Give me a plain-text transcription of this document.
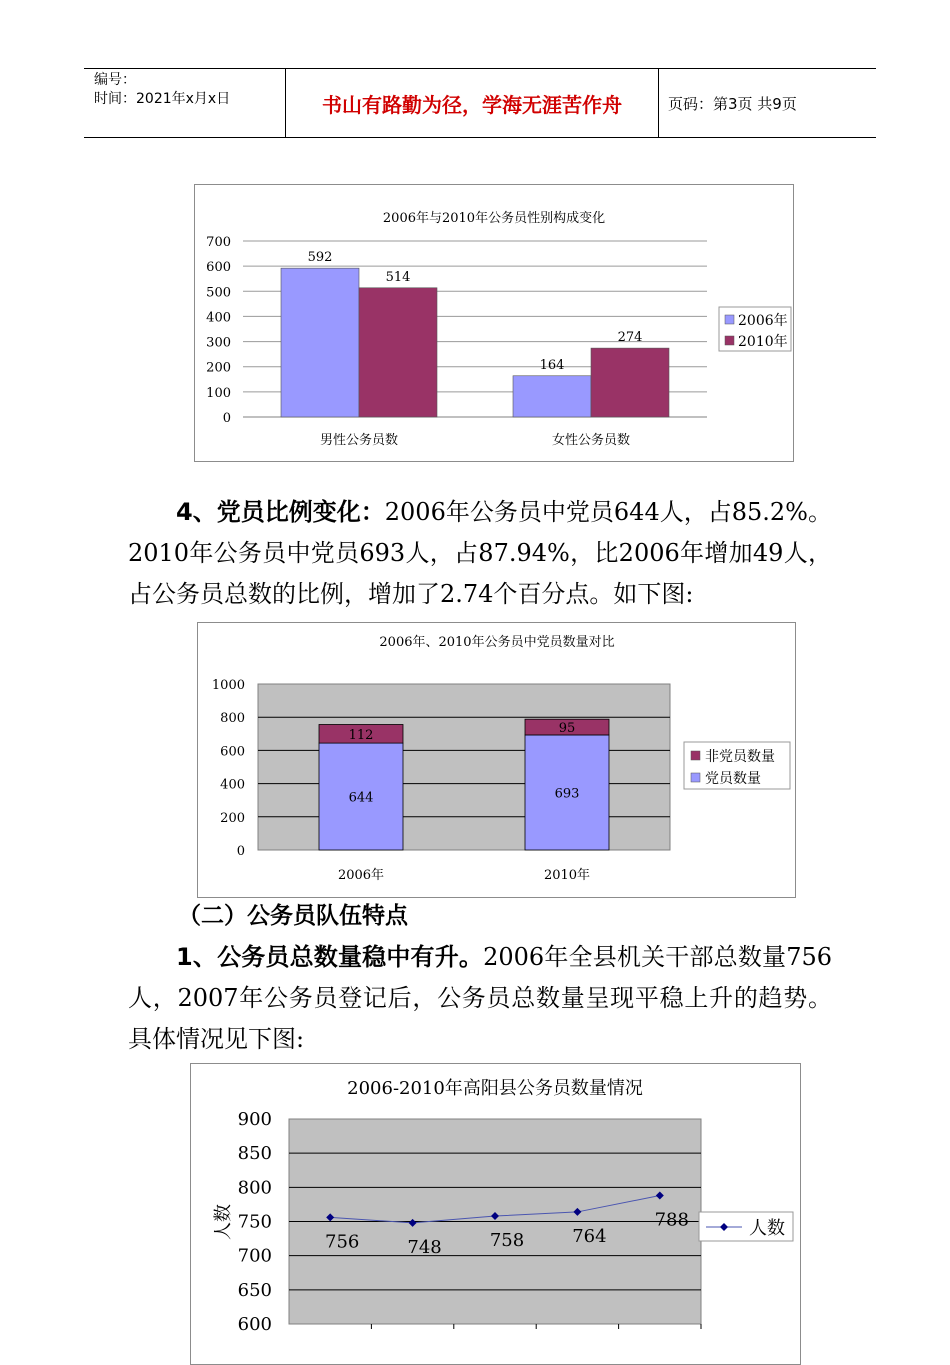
编号：
时间：2021年x月x日	书山有路勤为径，学海无涯苦作舟	页码：第3页 共9页
2006年与2010年公务员性别构成变化
0
100
200
300
400
500
600
700
592
514
男性公务员数
164
274
女性公务员数
2006年
2010年
4、党员比例变化：2006年公务员中党员644人，占85.2%。2010年公务员中党员693人，占87.94%，比2006年增加49人，占公务员总数的比例，增加了2.74个百分点。如下图:
2006年、2010年公务员中党员数量对比
0
200
400
600
800
1000
644
112
2006年
693
95
2010年
非党员数量
党员数量
（二）公务员队伍特点
1、公务员总数量稳中有升。2006年全县机关干部总数量756人，2007年公务员登记后，公务员总数量呈现平稳上升的趋势。具体情况见下图:
2006-2010年高阳县公务员数量情况
600
650
700
750
800
850
900
人数
756	748	758	764
788	人数
